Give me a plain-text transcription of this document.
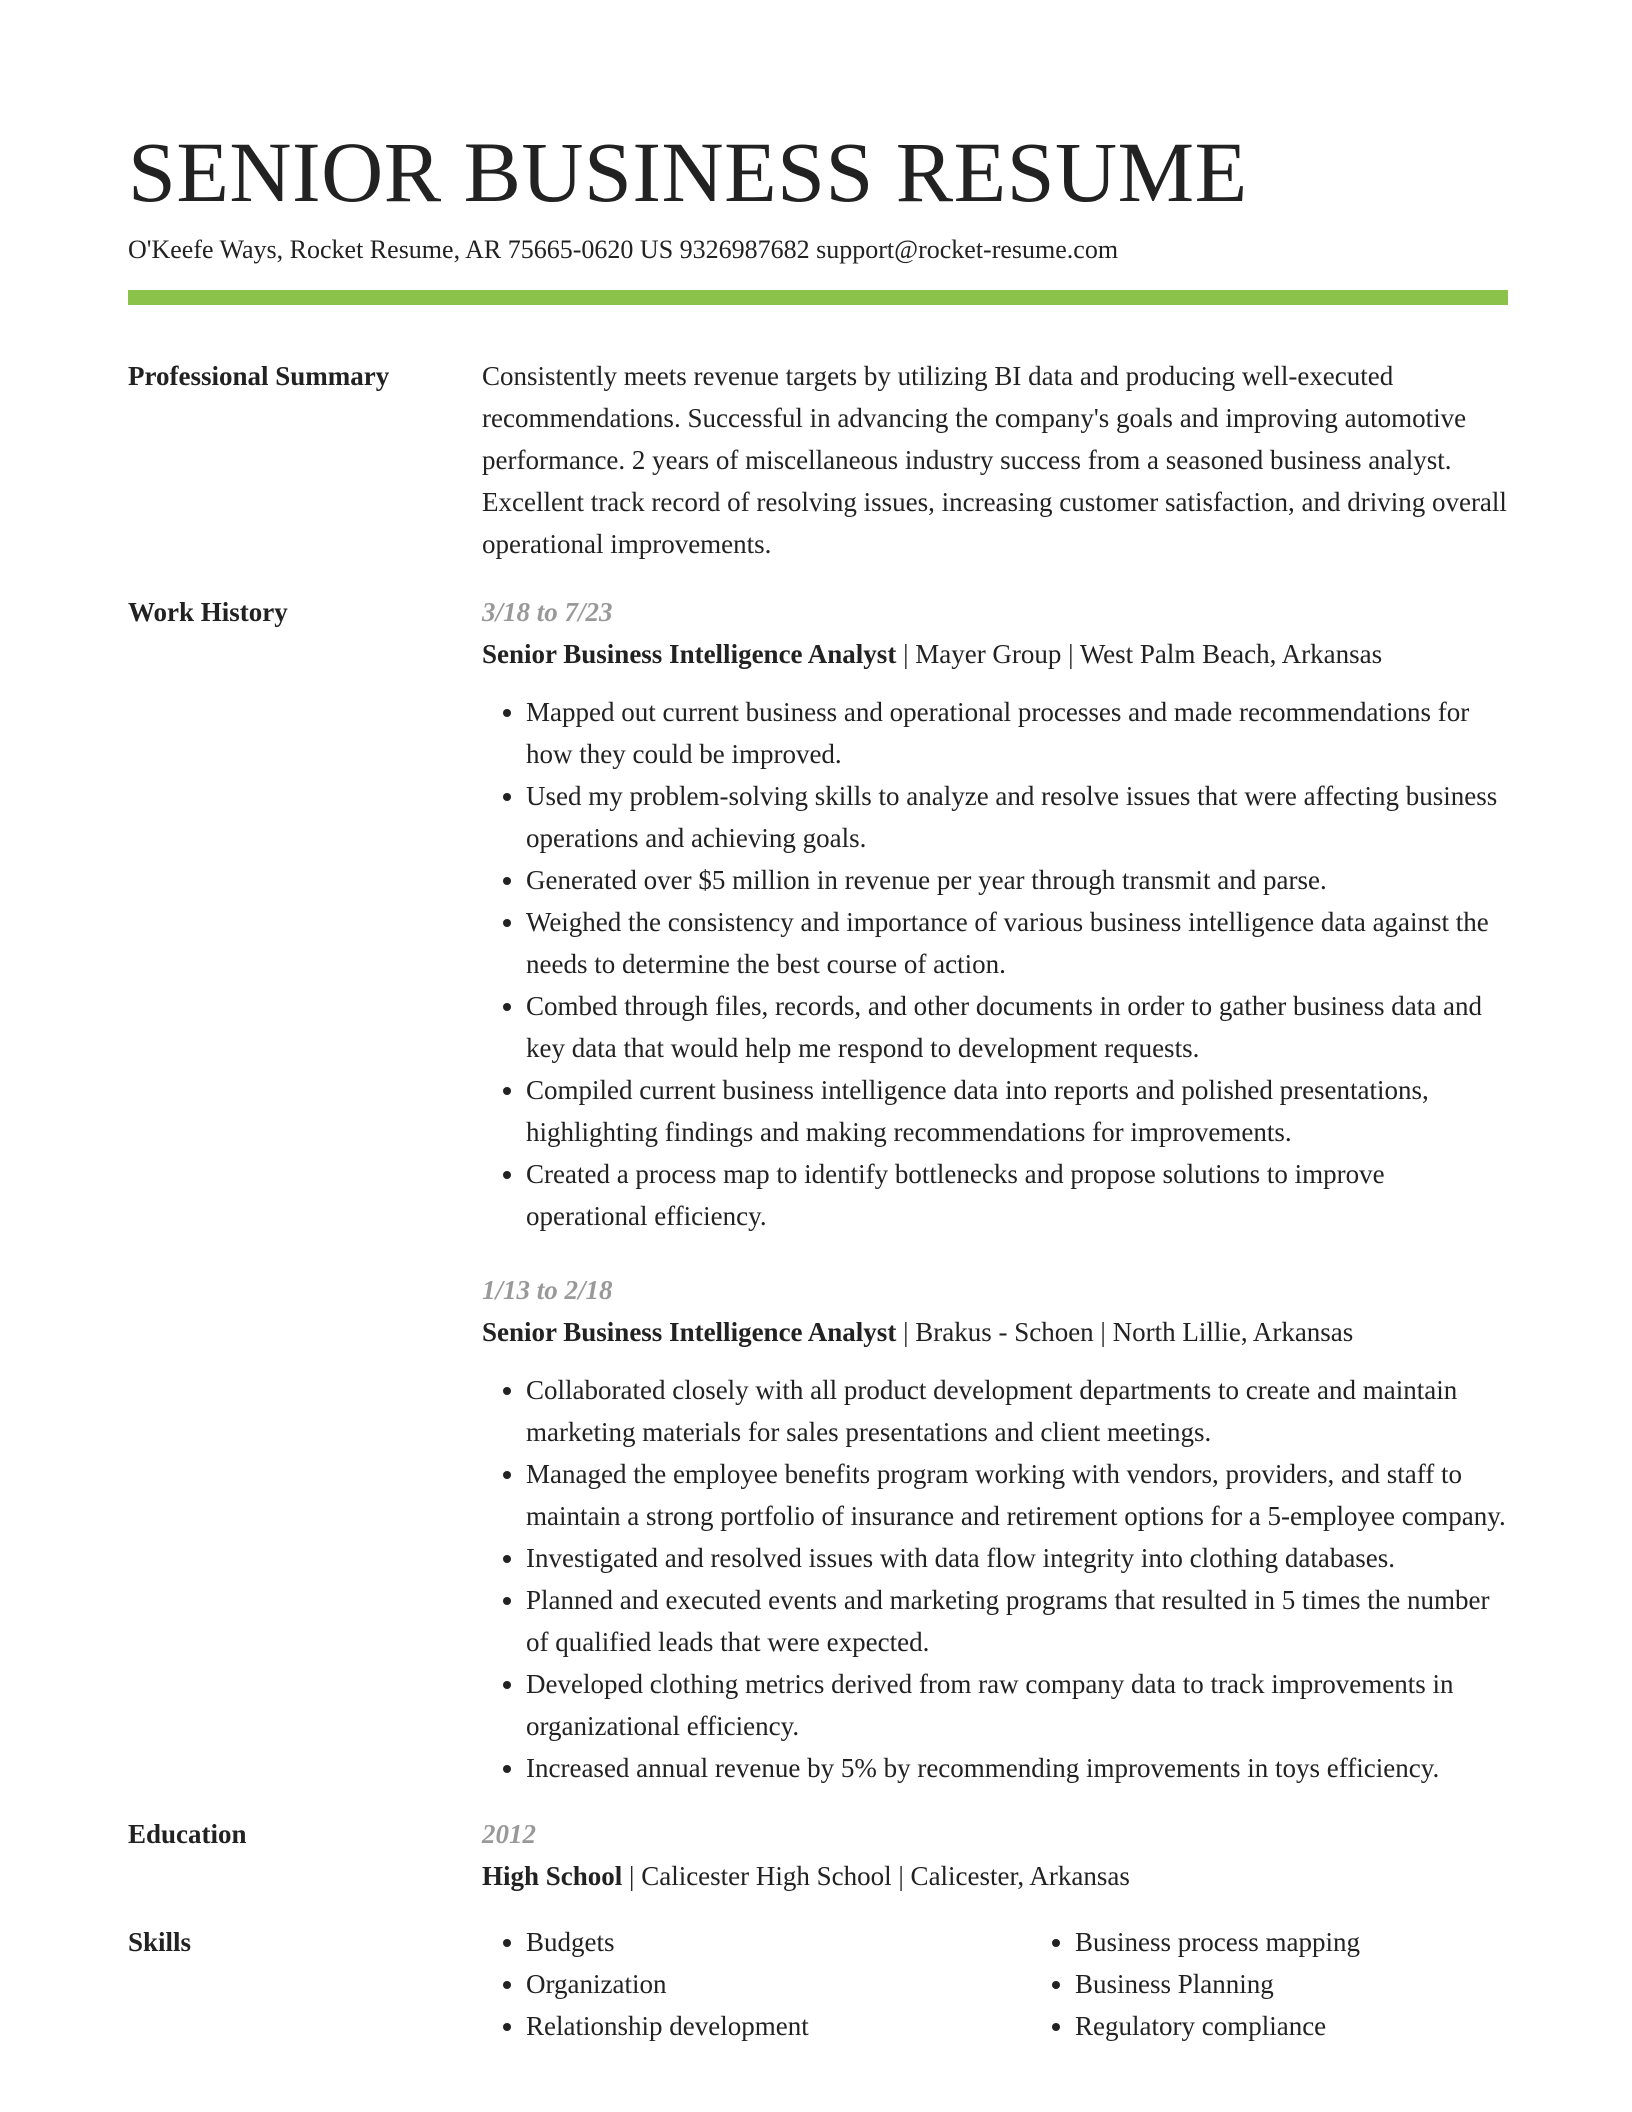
SENIOR BUSINESS RESUME
O'Keefe Ways, Rocket Resume, AR 75665-0620 US 9326987682 support@rocket-resume.com
Professional Summary	Consistently meets revenue targets by utilizing BI data and producing well-executed recommendations. Successful in advancing the company's goals and improving automotive performance. 2 years of miscellaneous industry success from a seasoned business analyst. Excellent track record of resolving issues, increasing customer satisfaction, and driving overall operational improvements.

Work History	3/18 to 7/23
Senior Business Intelligence Analyst | Mayer Group | West Palm Beach, Arkansas
• Mapped out current business and operational processes and made recommendations for how they could be improved.
• Used my problem-solving skills to analyze and resolve issues that were affecting business operations and achieving goals.
• Generated over $5 million in revenue per year through transmit and parse.
• Weighed the consistency and importance of various business intelligence data against the needs to determine the best course of action.
• Combed through files, records, and other documents in order to gather business data and key data that would help me respond to development requests.
• Compiled current business intelligence data into reports and polished presentations, highlighting findings and making recommendations for improvements.
• Created a process map to identify bottlenecks and propose solutions to improve operational efficiency.
1/13 to 2/18
Senior Business Intelligence Analyst | Brakus - Schoen | North Lillie, Arkansas
• Collaborated closely with all product development departments to create and maintain marketing materials for sales presentations and client meetings.
• Managed the employee benefits program working with vendors, providers, and staff to maintain a strong portfolio of insurance and retirement options for a 5-employee company.
• Investigated and resolved issues with data flow integrity into clothing databases.
• Planned and executed events and marketing programs that resulted in 5 times the number of qualified leads that were expected.
• Developed clothing metrics derived from raw company data to track improvements in organizational efficiency.
• Increased annual revenue by 5% by recommending improvements in toys efficiency.
Education	2012
High School | Calicester High School | Calicester, Arkansas
Skills
•	Budgets
• Organization
• Relationship development
• Business process mapping
• Business Planning
• Regulatory compliance
